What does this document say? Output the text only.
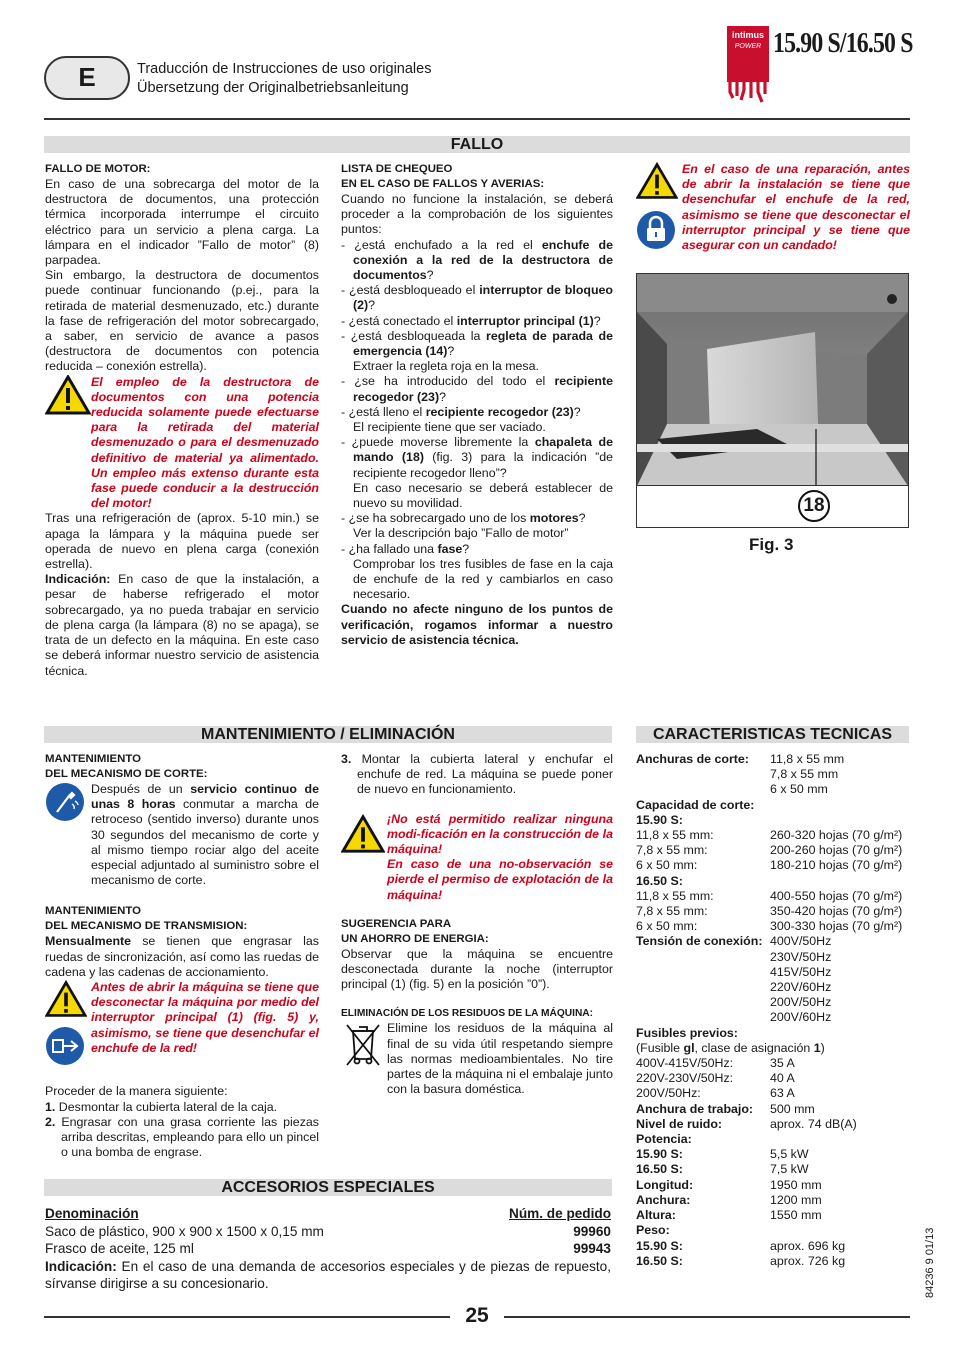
E	Traducción de Instrucciones de uso originales
Übersetzung der Originalbetriebsanleitung
intimus
POWER 15.90 S/16.50 S
FALLO
FALLO DE MOTOR:
En caso de una sobrecarga del motor de la destructora de documentos, una protección térmica incorporada interrumpe el circuito eléctrico para un servicio a plena carga. La lámpara en el indicador ”Fallo de motor” (8) parpadea.
Sin embargo, la destructora de documentos puede continuar funcionando (p.ej., para la retirada de material desmenuzado, etc.) durante la fase de refrigeración del motor sobrecargado, a saber, en servicio de avance a pasos (destructora de documentos con potencia reducida – conexión estrella).
El empleo de la destructora de documentos con una potencia reducida solamente puede efectuarse para la retirada del material desmenuzado o para el desmenuzado definitivo de material ya alimentado. Un empleo más extenso durante esta fase puede conducir a la destrucción del motor!
Tras una refrigeración de (aprox. 5-10 min.) se apaga la lámpara y la máquina puede ser operada de nuevo en plena carga (conexión estrella).
Indicación: En caso de que la instalación, a pesar de haberse refrigerado el motor sobrecargado, ya no pueda trabajar en servicio de plena carga (la lámpara (8) no se apaga), se trata de un defecto en la máquina. En este caso se deberá informar nuestro servicio de asistencia técnica.
LISTA DE CHEQUEO
EN EL CASO DE FALLOS Y AVERIAS:
Cuando no funcione la instalación, se deberá proceder a la comprobación de los siguientes puntos:
- ¿está enchufado a la red el enchufe de conexión a la red de la destructora de documentos?
- ¿está desbloqueado el interruptor de bloqueo (2)?
- ¿está conectado el interruptor principal (1)?
- ¿está desbloqueada la regleta de parada de emergencia (14)?
Extraer la regleta roja en la mesa.
- ¿se ha introducido del todo el recipiente recogedor (23)?
- ¿está lleno el recipiente recogedor (23)?
El recipiente tiene que ser vaciado.
- ¿puede moverse libremente la chapaleta de mando (18) (fig. 3) para la indicación ”de recipiente recogedor lleno”?
En caso necesario se deberá establecer de nuevo su movilidad.
- ¿se ha sobrecargado uno de los motores?
Ver la descripción bajo ”Fallo de motor”
- ¿ha fallado una fase?
Comprobar los tres fusibles de fase en la caja de enchufe de la red y cambiarlos en caso necesario.
Cuando no afecte ninguno de los puntos de verificación, rogamos informar a nuestro servicio de asistencia técnica.

En el caso de una reparación, antes de abrir la instalación se tiene que desenchufar el enchufe de la red, asimismo se tiene que desconectar el interruptor principal y se tiene que asegurar con un candado!
18
Fig. 3
MANTENIMIENTO / ELIMINACIÓN
MANTENIMIENTO
DEL MECANISMO DE CORTE:
Después de un servicio continuo de unas 8 horas conmutar a marcha de retroceso (sentido inverso) durante unos 30 segundos del mecanismo de corte y al mismo tiempo rociar algo del aceite especial adjuntado al suministro sobre el mecanismo de corte.
MANTENIMIENTO
DEL MECANISMO DE TRANSMISION:
Mensualmente se tienen que engrasar las ruedas de sincronización, así como las ruedas de cadena y las cadenas de accionamiento.

Antes de abrir la máquina se tiene que desconectar la máquina por medio del interruptor principal (1) (fig. 5) y, asimismo, se tiene que desenchufar el enchufe de la red!
Proceder de la manera siguiente:
1. Desmontar la cubierta lateral de la caja.
2. Engrasar con una grasa corriente las piezas arriba descritas, empleando para ello un pincel o una bomba de engrase.
3. Montar la cubierta lateral y enchufar el enchufe de red. La máquina se puede poner de nuevo en funcionamiento.
¡No está permitido realizar ninguna modi-ficación en la construcción de la máquina!
En caso de una no-observación se pierde el permiso de explotación de la máquina!
SUGERENCIA PARA
UN AHORRO DE ENERGIA:
Observar que la máquina se encuentre desconectada durante la noche (interruptor principal (1) (fig. 5) en la posición ”0”).
ELIMINACIÓN DE LOS RESIDUOS DE LA MÁQUINA:
Elimine los residuos de la máquina al final de su vida útil respetando siempre las normas medioambientales. No tire partes de la máquina ni el embalaje junto con la basura doméstica.
ACCESORIOS ESPECIALES
Denominación	Núm. de pedido
Saco de plástico, 900 x 900 x 1500 x 0,15 mm	99960
Frasco de aceite, 125 ml	99943
Indicación: En el caso de una demanda de accesorios especiales y de piezas de repuesto, sírvanse dirigirse a su concesionario.
CARACTERISTICAS TECNICAS
Anchuras de corte:	11,8 x 55 mm
7,8 x 55 mm
6 x 50 mm
Capacidad de corte:
15.90 S:
11,8 x 55 mm:	260-320 hojas (70 g/m²)
7,8 x 55 mm:	200-260 hojas (70 g/m²)
6 x 50 mm:	180-210 hojas (70 g/m²)
16.50 S:
11,8 x 55 mm:	400-550 hojas (70 g/m²)
7,8 x 55 mm:	350-420 hojas (70 g/m²)
6 x 50 mm:	300-330 hojas (70 g/m²)
Tensión de conexión: 400V/50Hz
230V/50Hz
415V/50Hz
220V/60Hz
200V/50Hz
200V/60Hz
Fusibles previos:
(Fusible gl, clase de asignación 1)
400V-415V/50Hz:	35 A
220V-230V/50Hz:	40 A
200V/50Hz:	63 A
Anchura de trabajo:	500 mm
Nivel de ruido:	aprox. 74 dB(A)
Potencia:
15.90 S:	5,5 kW
16.50 S:	7,5 kW
Longitud:	1950 mm
Anchura:	1200 mm
Altura:	1550 mm
Peso:
15.90 S:	aprox. 696 kg
16.50 S:	aprox. 726 kg	84236 9 01/13
25
